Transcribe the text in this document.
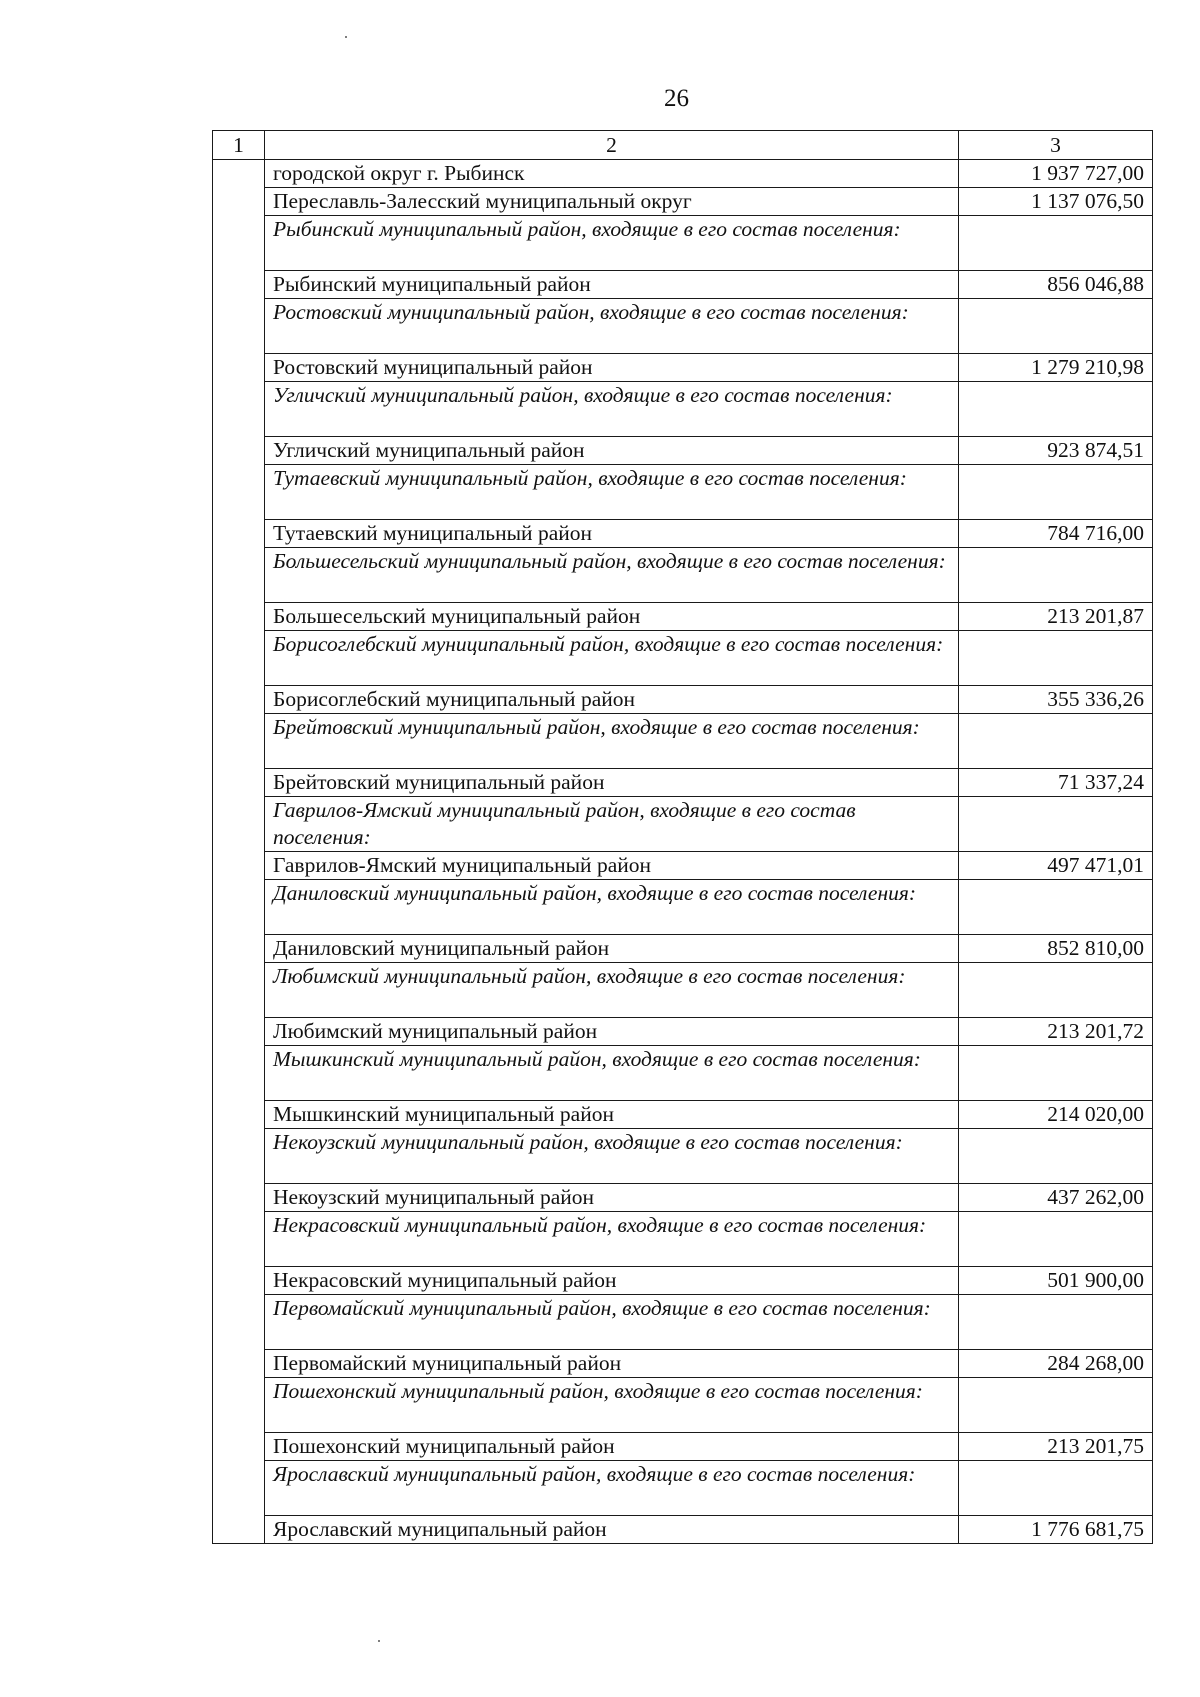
26
1	2	3
	городской округ г. Рыбинск	1 937 727,00
	Переславль-Залесский муниципальный округ	1 137 076,50
	Рыбинский муниципальный район, входящие в его состав поселения:	
	Рыбинский муниципальный район	856 046,88
	Ростовский муниципальный район, входящие в его состав поселения:	
	Ростовский муниципальный район	1 279 210,98
	Угличский муниципальный район, входящие в его состав поселения:	
	Угличский муниципальный район	923 874,51
	Тутаевский муниципальный район, входящие в его состав поселения:	
	Тутаевский муниципальный район	784 716,00
	Большесельский муниципальный район, входящие в его состав поселения:	
	Большесельский муниципальный район	213 201,87
	Борисоглебский муниципальный район, входящие в его состав поселения:	
	Борисоглебский муниципальный район	355 336,26
	Брейтовский муниципальный район, входящие в его состав поселения:	
	Брейтовский муниципальный район	71 337,24
	Гаврилов-Ямский муниципальный район, входящие в его состав поселения:	
	Гаврилов-Ямский муниципальный район	497 471,01
	Даниловский муниципальный район, входящие в его состав поселения:	
	Даниловский муниципальный район	852 810,00
	Любимский муниципальный район, входящие в его состав поселения:	
	Любимский муниципальный район	213 201,72
	Мышкинский муниципальный район, входящие в его состав поселения:	
	Мышкинский муниципальный район	214 020,00
	Некоузский муниципальный район, входящие в его состав поселения:	
	Некоузский муниципальный район	437 262,00
	Некрасовский муниципальный район, входящие в его состав поселения:	
	Некрасовский муниципальный район	501 900,00
	Первомайский муниципальный район, входящие в его состав поселения:	
	Первомайский муниципальный район	284 268,00
	Пошехонский муниципальный район, входящие в его состав поселения:	
	Пошехонский муниципальный район	213 201,75
	Ярославский муниципальный район, входящие в его состав поселения:	
	Ярославский муниципальный район	1 776 681,75
